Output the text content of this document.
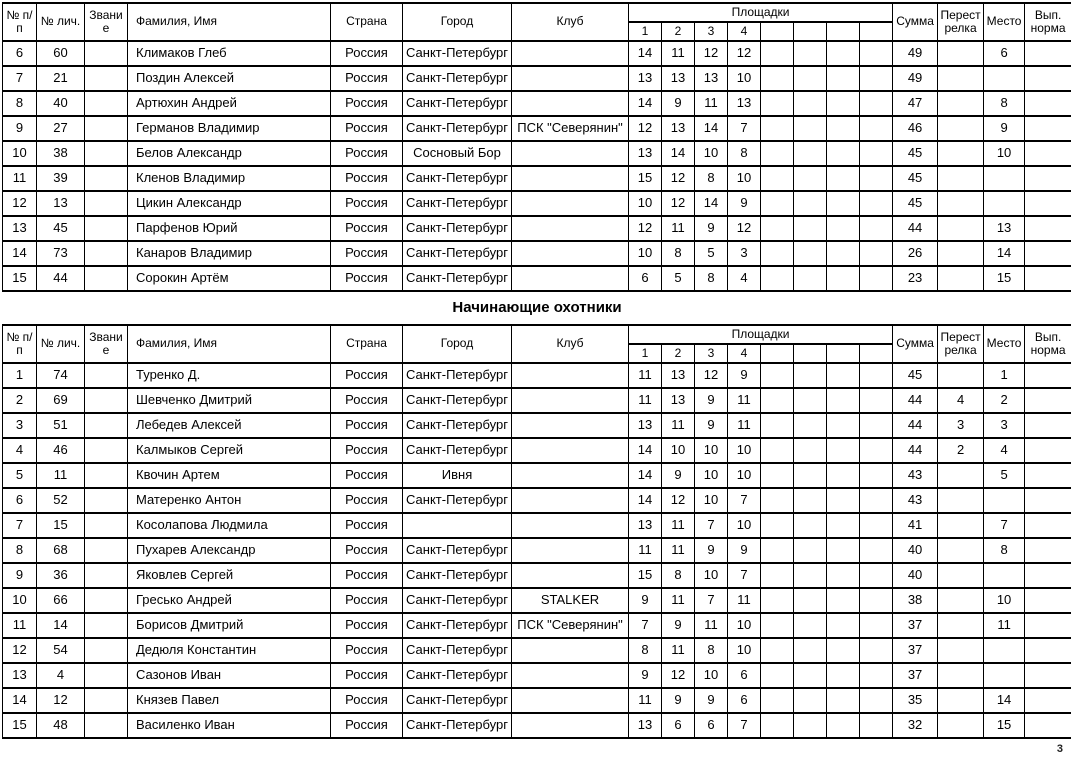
№ п/п	№ лич.	Звание	Фамилия, Имя	Страна	Город	Клуб	Площадки								Сумма	Перест релка	Место	Вып. норма
							1	2	3	4								
6	60		Климаков Глеб	Россия	Санкт-Петербург		14	11	12	12					49		6	
7	21		Поздин Алексей	Россия	Санкт-Петербург		13	13	13	10					49			
8	40		Артюхин Андрей	Россия	Санкт-Петербург		14	9	11	13					47		8	
9	27		Германов Владимир	Россия	Санкт-Петербург	ПСК "Северянин"	12	13	14	7					46		9	
10	38		Белов Александр	Россия	Сосновый Бор		13	14	10	8					45		10	
11	39		Кленов Владимир	Россия	Санкт-Петербург		15	12	8	10					45			
12	13		Цикин Александр	Россия	Санкт-Петербург		10	12	14	9					45			
13	45		Парфенов Юрий	Россия	Санкт-Петербург		12	11	9	12					44		13	
14	73		Канаров Владимир	Россия	Санкт-Петербург		10	8	5	3					26		14	
15	44		Сорокин Артём	Россия	Санкт-Петербург		6	5	8	4					23		15	
Начинающие охотники
№ п/п	№ лич.	Звание	Фамилия, Имя	Страна	Город	Клуб	Площадки								Сумма	Перест релка	Место	Вып. норма
							1	2	3	4								
1	74		Туренко Д.	Россия	Санкт-Петербург		11	13	12	9					45		1	
2	69		Шевченко Дмитрий	Россия	Санкт-Петербург		11	13	9	11					44	4	2	
3	51		Лебедев Алексей	Россия	Санкт-Петербург		13	11	9	11					44	3	3	
4	46		Калмыков Сергей	Россия	Санкт-Петербург		14	10	10	10					44	2	4	
5	11		Квочин Артем	Россия	Ивня		14	9	10	10					43		5	
6	52		Матеренко Антон	Россия	Санкт-Петербург		14	12	10	7					43			
7	15		Косолапова Людмила	Россия			13	11	7	10					41		7	
8	68		Пухарев Александр	Россия	Санкт-Петербург		11	11	9	9					40		8	
9	36		Яковлев Сергей	Россия	Санкт-Петербург		15	8	10	7					40			
10	66		Гресько Андрей	Россия	Санкт-Петербург	STALKER	9	11	7	11					38		10	
11	14		Борисов Дмитрий	Россия	Санкт-Петербург	ПСК "Северянин"	7	9	11	10					37		11	
12	54		Дедюля Константин	Россия	Санкт-Петербург		8	11	8	10					37			
13	4		Сазонов Иван	Россия	Санкт-Петербург		9	12	10	6					37			
14	12		Князев Павел	Россия	Санкт-Петербург		11	9	9	6					35		14	
15	48		Василенко Иван	Россия	Санкт-Петербург		13	6	6	7					32		15	
3
